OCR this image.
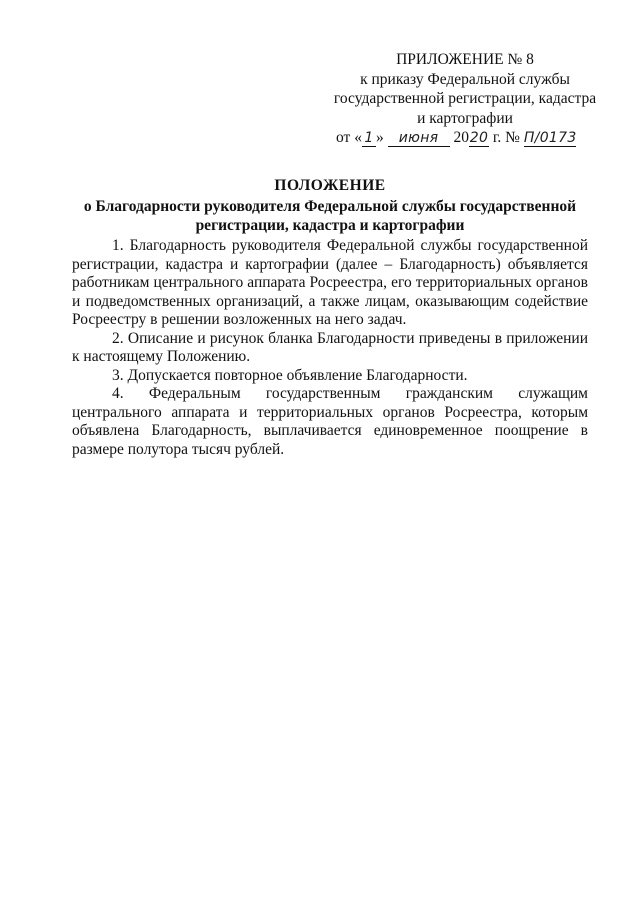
ПРИЛОЖЕНИЕ № 8
к приказу Федеральной службы
государственной регистрации, кадастра
и картографии
от « 1 » июня 2020 г. № П/0173
ПОЛОЖЕНИЕ
о Благодарности руководителя Федеральной службы государственной регистрации, кадастра и картографии

1. Благодарность руководителя Федеральной службы государственной регистрации, кадастра и картографии (далее – Благодарность) объявляется работникам центрального аппарата Росреестра, его территориальных органов и подведомственных организаций, а также лицам, оказывающим содействие Росреестру в решении возложенных на него задач.

2. Описание и рисунок бланка Благодарности приведены в приложении к настоящему Положению.

3. Допускается повторное объявление Благодарности.

4. Федеральным государственным гражданским служащим центрального аппарата и территориальных органов Росреестра, которым объявлена Благодарность, выплачивается единовременное поощрение в размере полутора тысяч рублей.
